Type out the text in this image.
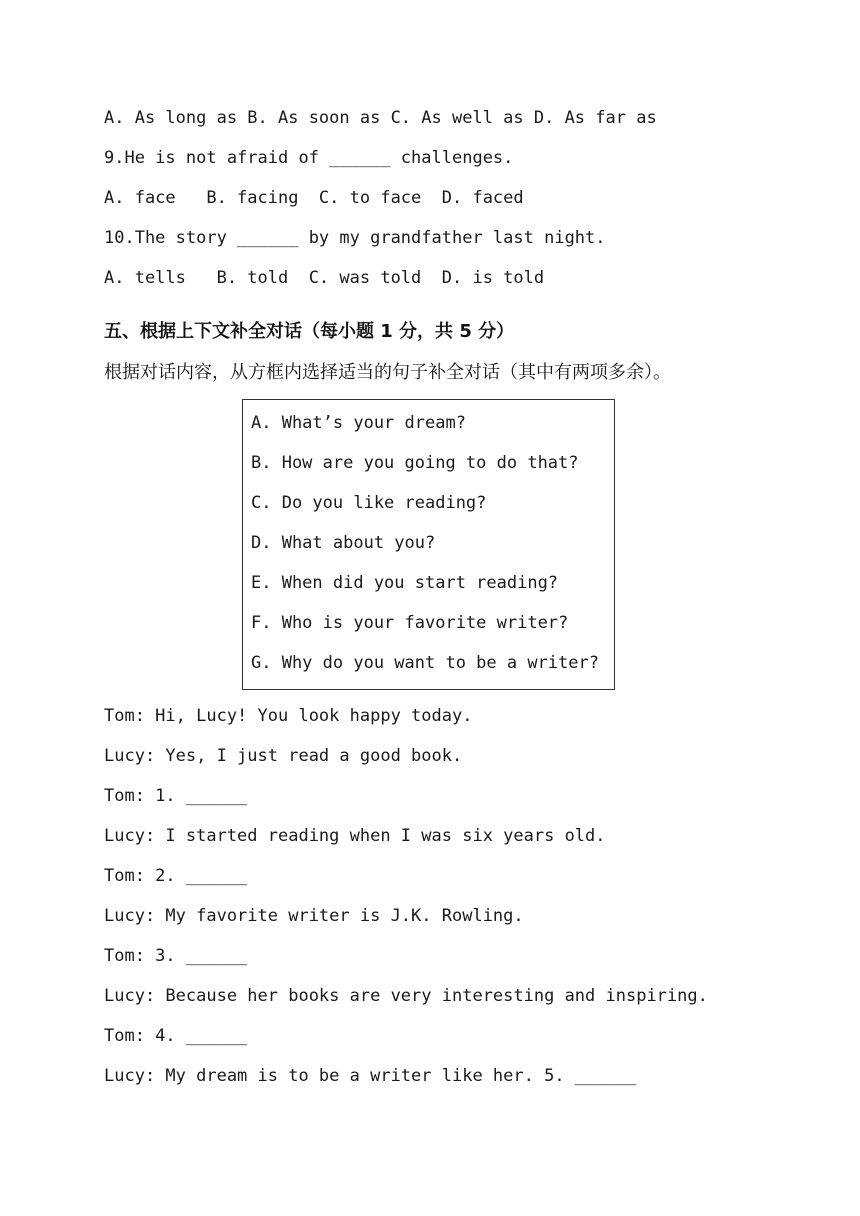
A. As long as B. As soon as C. As well as D. As far as
9.He is not afraid of ______ challenges.
A. face   B. facing  C. to face  D. faced
10.The story ______ by my grandfather last night.
A. tells   B. told  C. was told  D. is told
五、根据上下文补全对话（每小题 1 分，共 5 分）
根据对话内容，从方框内选择适当的句子补全对话（其中有两项多余）。
A. What’s your dream?
B. How are you going to do that?
C. Do you like reading?
D. What about you?
E. When did you start reading?
F. Who is your favorite writer?
G. Why do you want to be a writer?
Tom: Hi, Lucy! You look happy today.
Lucy: Yes, I just read a good book.
Tom: 1. ______
Lucy: I started reading when I was six years old.
Tom: 2. ______
Lucy: My favorite writer is J.K. Rowling.
Tom: 3. ______
Lucy: Because her books are very interesting and inspiring.
Tom: 4. ______
Lucy: My dream is to be a writer like her. 5. ______
